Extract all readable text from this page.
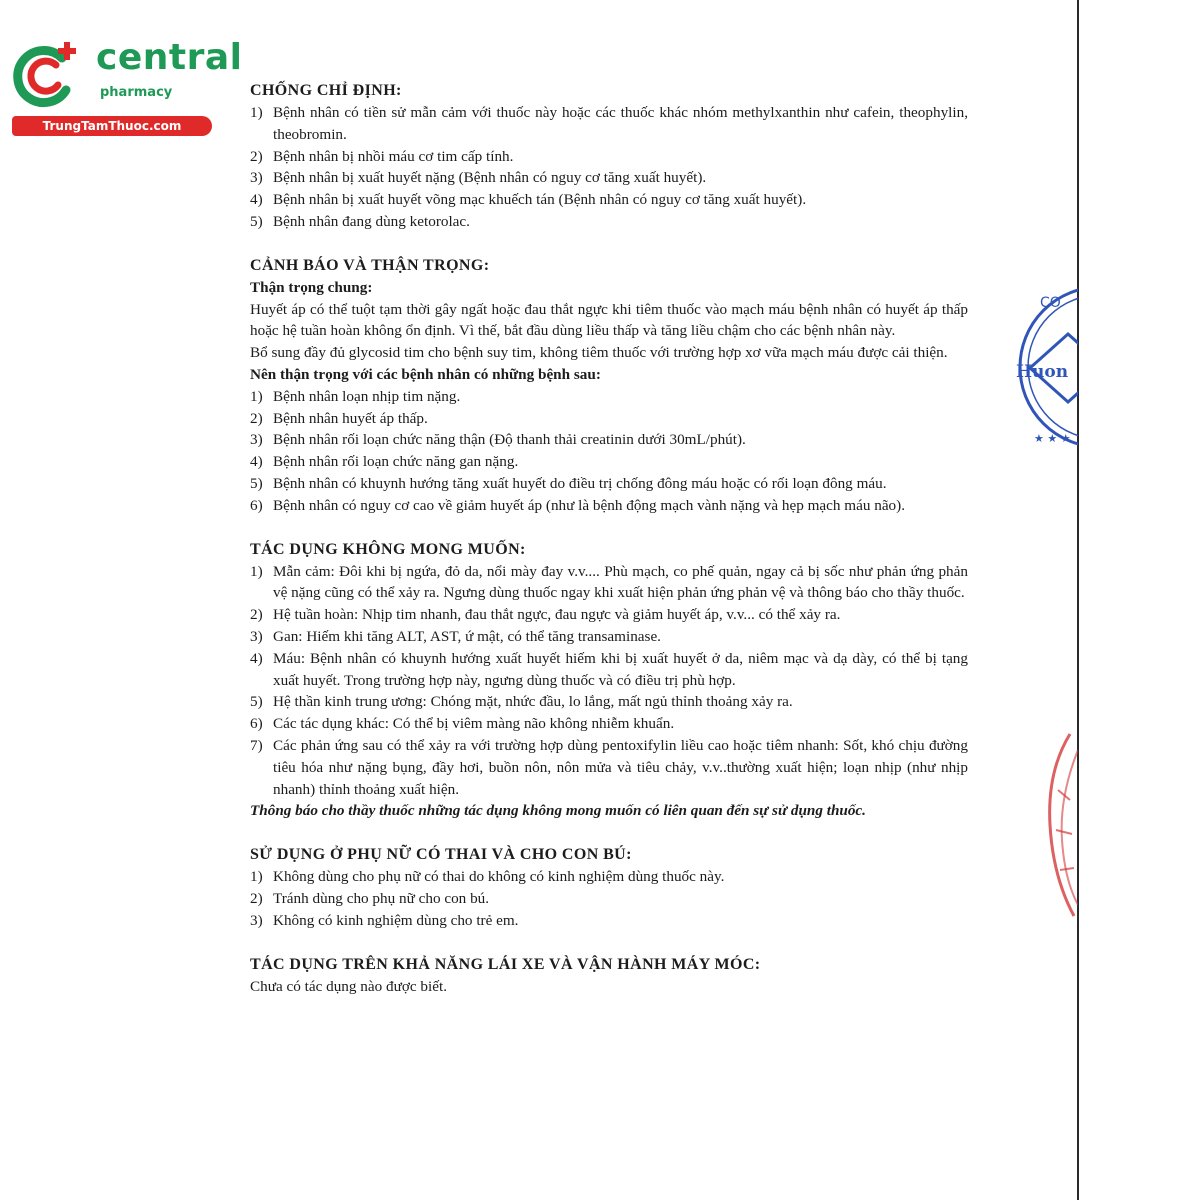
central
pharmacy
TrungTamThuoc.com
CO
Huon
★ ★ ★
CHỐNG CHỈ ĐỊNH:
1) Bệnh nhân có tiền sử mẫn cảm với thuốc này hoặc các thuốc khác nhóm methylxanthin như cafein, theophylin, theobromin.
2) Bệnh nhân bị nhồi máu cơ tim cấp tính.
3) Bệnh nhân bị xuất huyết nặng (Bệnh nhân có nguy cơ tăng xuất huyết).
4) Bệnh nhân bị xuất huyết võng mạc khuếch tán (Bệnh nhân có nguy cơ tăng xuất huyết).
5) Bệnh nhân đang dùng ketorolac.
CẢNH BÁO VÀ THẬN TRỌNG:
Thận trọng chung:

Huyết áp có thể tuột tạm thời gây ngất hoặc đau thắt ngực khi tiêm thuốc vào mạch máu bệnh nhân có huyết áp thấp hoặc hệ tuần hoàn không ổn định. Vì thế, bắt đầu dùng liều thấp và tăng liều chậm cho các bệnh nhân này.

Bổ sung đầy đủ glycosid tim cho bệnh suy tim, không tiêm thuốc với trường hợp xơ vữa mạch máu được cải thiện.

Nên thận trọng với các bệnh nhân có những bệnh sau:
1) Bệnh nhân loạn nhịp tim nặng.
2) Bệnh nhân huyết áp thấp.
3) Bệnh nhân rối loạn chức năng thận (Độ thanh thải creatinin dưới 30mL/phút).
4) Bệnh nhân rối loạn chức năng gan nặng.
5) Bệnh nhân có khuynh hướng tăng xuất huyết do điều trị chống đông máu hoặc có rối loạn đông máu.
6) Bệnh nhân có nguy cơ cao về giảm huyết áp (như là bệnh động mạch vành nặng và hẹp mạch máu não).
TÁC DỤNG KHÔNG MONG MUỐN:
1) Mẫn cảm: Đôi khi bị ngứa, đỏ da, nổi mày đay v.v.... Phù mạch, co phế quản, ngay cả bị sốc như phản ứng phản vệ nặng cũng có thể xảy ra. Ngưng dùng thuốc ngay khi xuất hiện phản ứng phản vệ và thông báo cho thầy thuốc.
2) Hệ tuần hoàn: Nhịp tim nhanh, đau thắt ngực, đau ngực và giảm huyết áp, v.v... có thể xảy ra.
3) Gan: Hiếm khi tăng ALT, AST, ứ mật, có thể tăng transaminase.
4) Máu: Bệnh nhân có khuynh hướng xuất huyết hiếm khi bị xuất huyết ở da, niêm mạc và dạ dày, có thể bị tạng xuất huyết. Trong trường hợp này, ngưng dùng thuốc và có điều trị phù hợp.
5) Hệ thần kinh trung ương: Chóng mặt, nhức đầu, lo lắng, mất ngủ thỉnh thoảng xảy ra.
6) Các tác dụng khác: Có thể bị viêm màng não không nhiễm khuẩn.
7) Các phản ứng sau có thể xảy ra với trường hợp dùng pentoxifylin liều cao hoặc tiêm nhanh: Sốt, khó chịu đường tiêu hóa như nặng bụng, đầy hơi, buồn nôn, nôn mửa và tiêu chảy, v.v..thường xuất hiện; loạn nhịp (như nhịp nhanh) thỉnh thoảng xuất hiện.

Thông báo cho thầy thuốc những tác dụng không mong muốn có liên quan đến sự sử dụng thuốc.

SỬ DỤNG Ở PHỤ NỮ CÓ THAI VÀ CHO CON BÚ:
1) Không dùng cho phụ nữ có thai do không có kinh nghiệm dùng thuốc này.
2) Tránh dùng cho phụ nữ cho con bú.
3) Không có kinh nghiệm dùng cho trẻ em.
TÁC DỤNG TRÊN KHẢ NĂNG LÁI XE VÀ VẬN HÀNH MÁY MÓC:

Chưa có tác dụng nào được biết.
